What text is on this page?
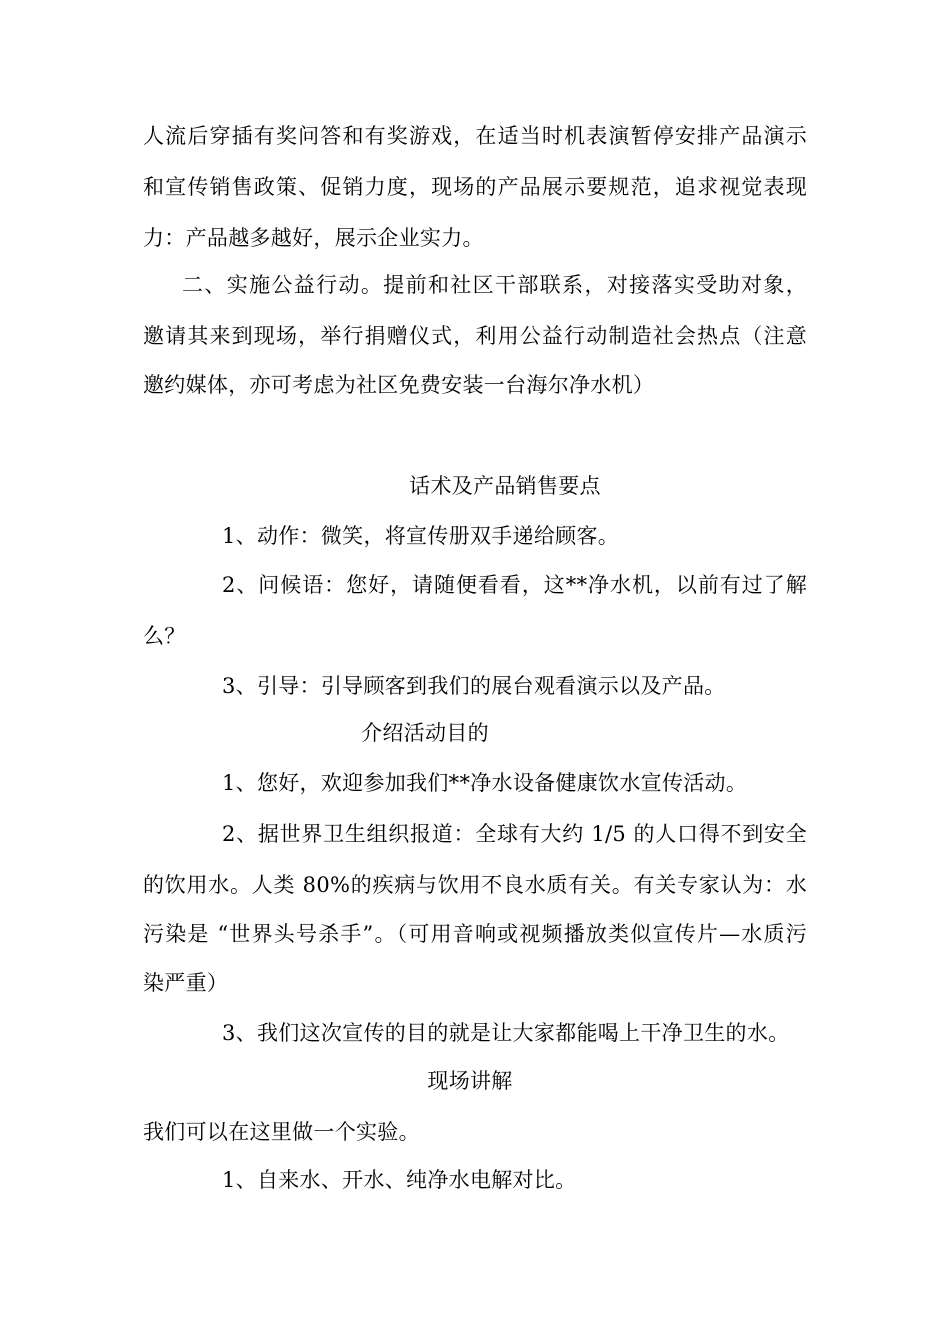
人流后穿插有奖问答和有奖游戏，在适当时机表演暂停安排产品演示
和宣传销售政策、促销力度，现场的产品展示要规范，追求视觉表现
力：产品越多越好，展示企业实力。
二、实施公益行动。提前和社区干部联系，对接落实受助对象，
邀请其来到现场，举行捐赠仪式，利用公益行动制造社会热点（注意
邀约媒体，亦可考虑为社区免费安装一台海尔净水机）
话术及产品销售要点
1、动作：微笑，将宣传册双手递给顾客。
2、问候语：您好，请随便看看，这**净水机，以前有过了解
么？
3、引导：引导顾客到我们的展台观看演示以及产品。
介绍活动目的
1、您好，欢迎参加我们**净水设备健康饮水宣传活动。
2、据世界卫生组织报道：全球有大约 1/5 的人口得不到安全
的饮用水。人类 80%的疾病与饮用不良水质有关。有关专家认为：水
污染是 “世界头号杀手”。（可用音响或视频播放类似宣传片—水质污
染严重）
3、我们这次宣传的目的就是让大家都能喝上干净卫生的水。
现场讲解
我们可以在这里做一个实验。
1、自来水、开水、纯净水电解对比。
